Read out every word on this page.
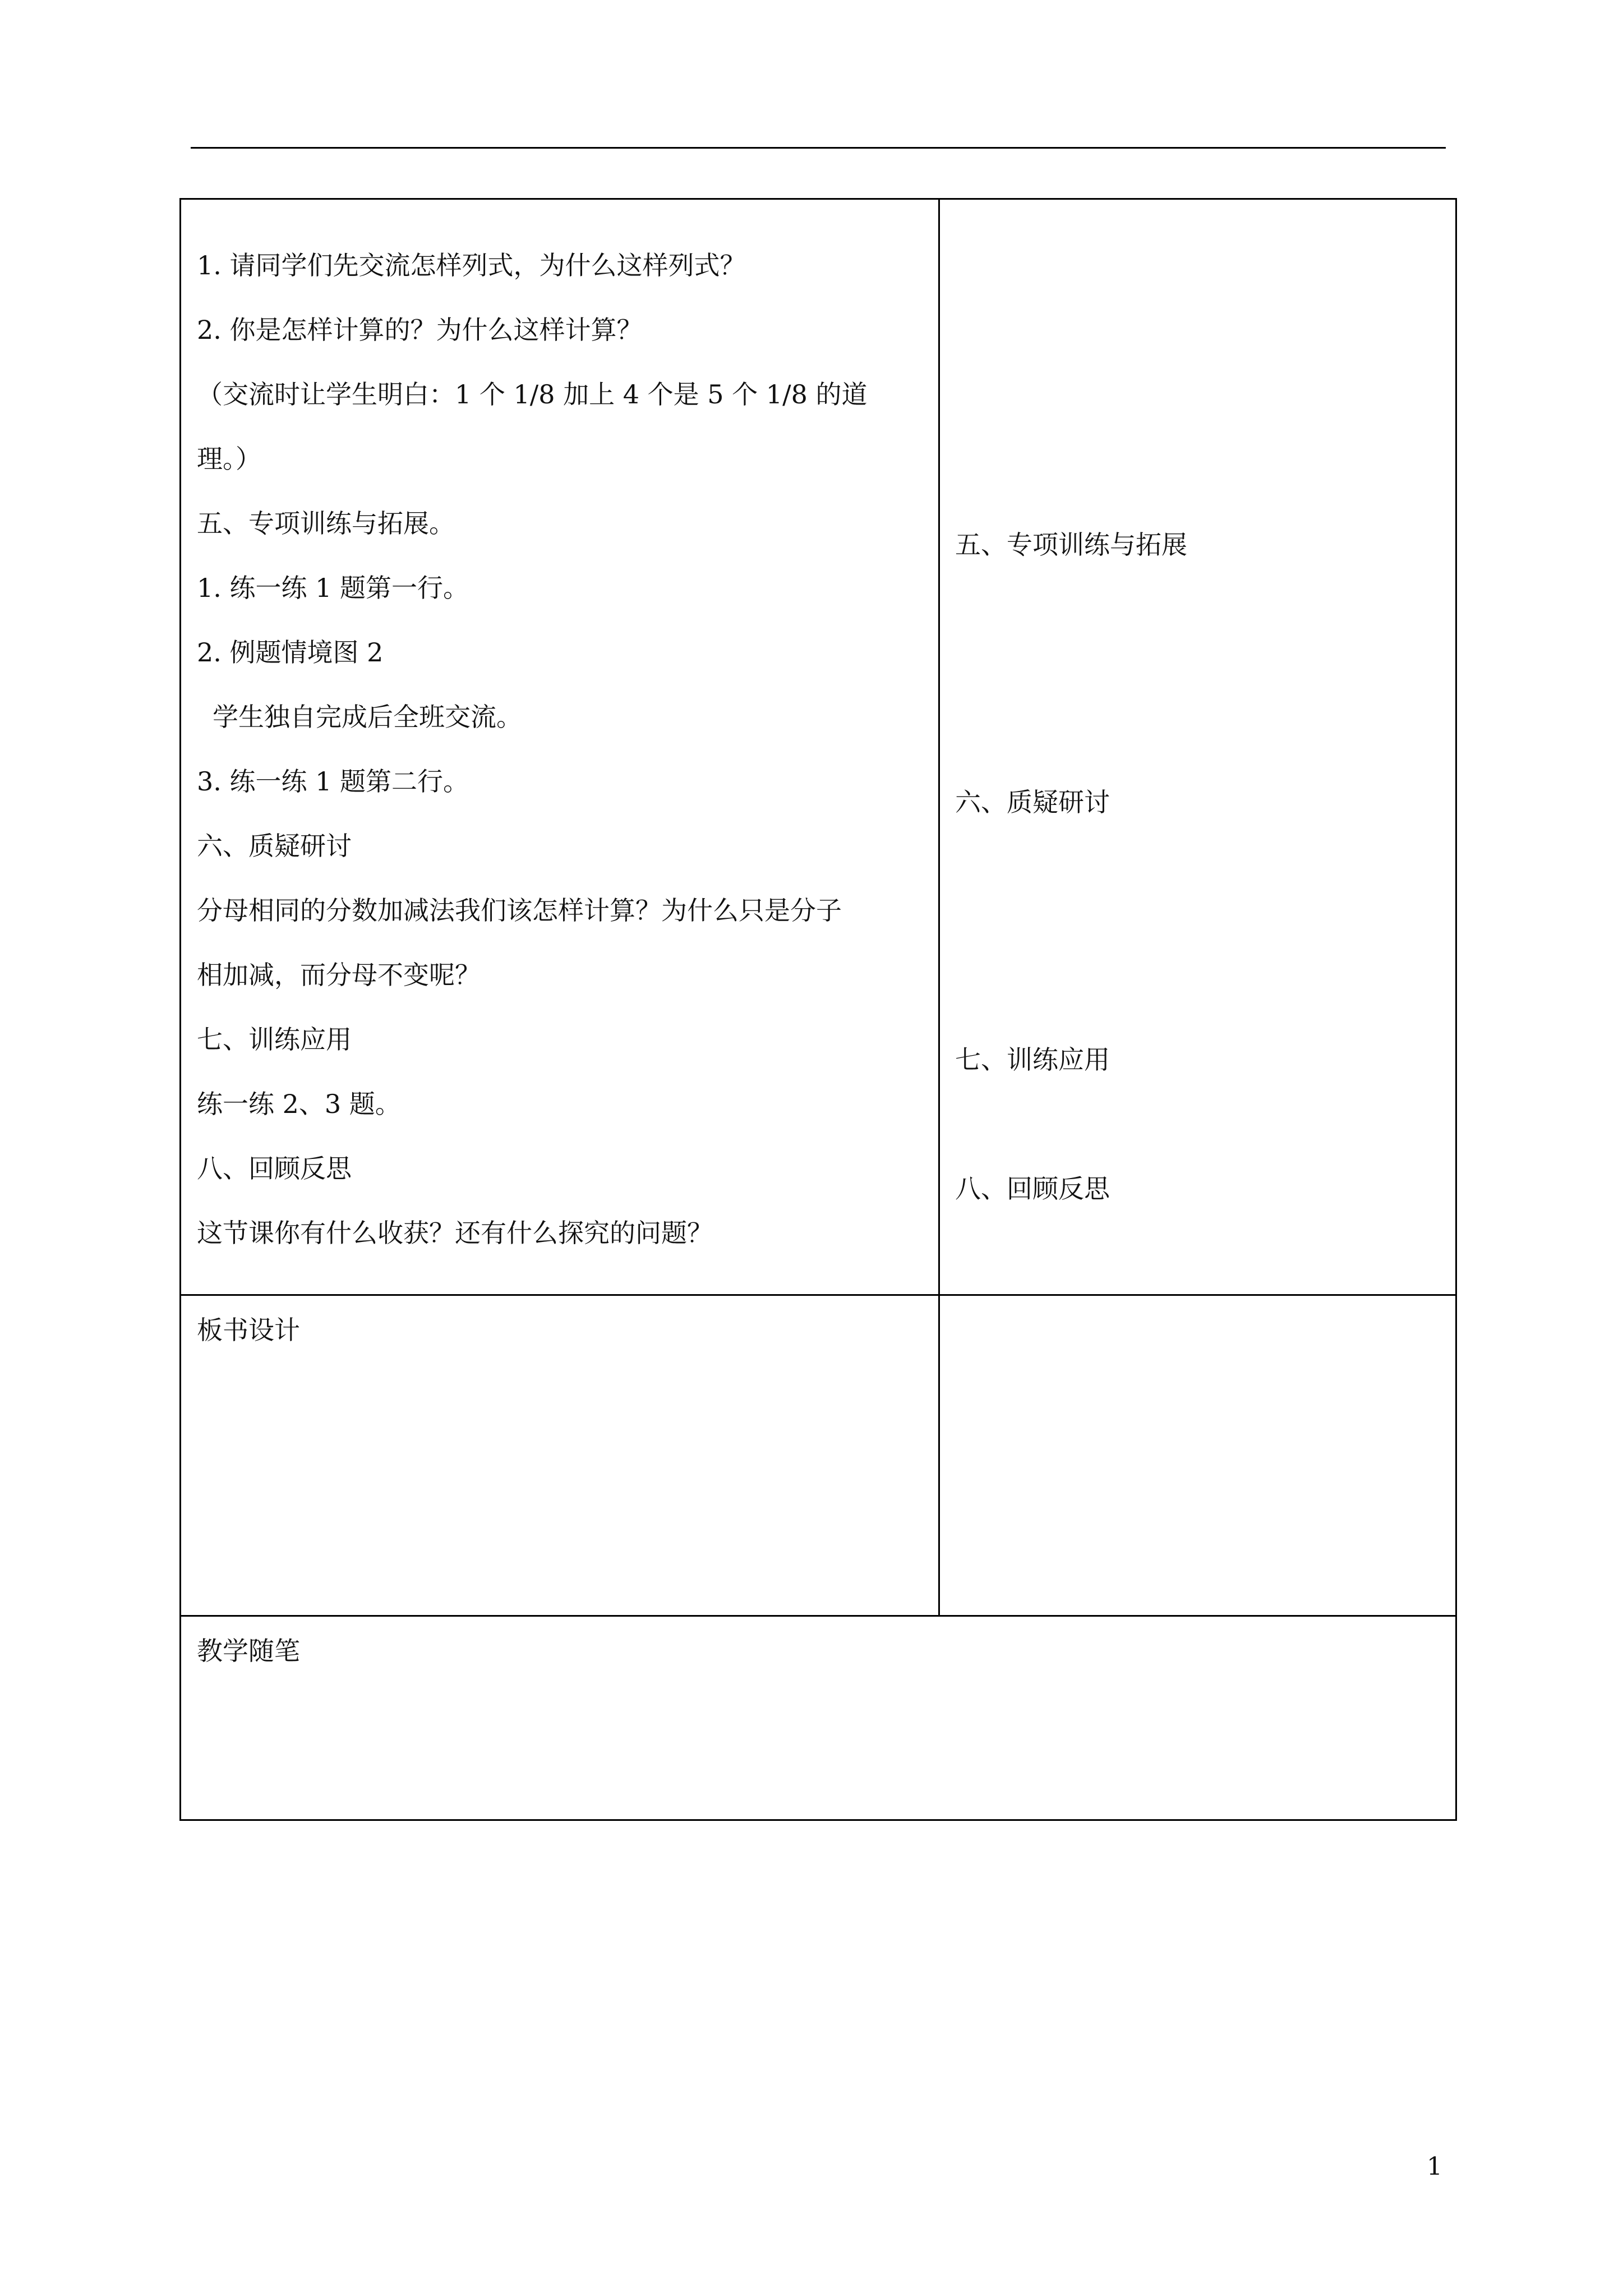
1. 请同学们先交流怎样列式，为什么这样列式？
2. 你是怎样计算的？为什么这样计算？
（交流时让学生明白：1 个 1/8 加上 4 个是 5 个 1/8 的道
理。）
五、专项训练与拓展。
1. 练一练 1 题第一行。
2. 例题情境图 2
学生独自完成后全班交流。
3. 练一练 1 题第二行。
六、质疑研讨
分母相同的分数加减法我们该怎样计算？为什么只是分子
相加减，而分母不变呢？
七、训练应用
练一练 2、3 题。
八、回顾反思
这节课你有什么收获？还有什么探究的问题？
五、专项训练与拓展
六、质疑研讨
七、训练应用
八、回顾反思
板书设计
教学随笔
1
